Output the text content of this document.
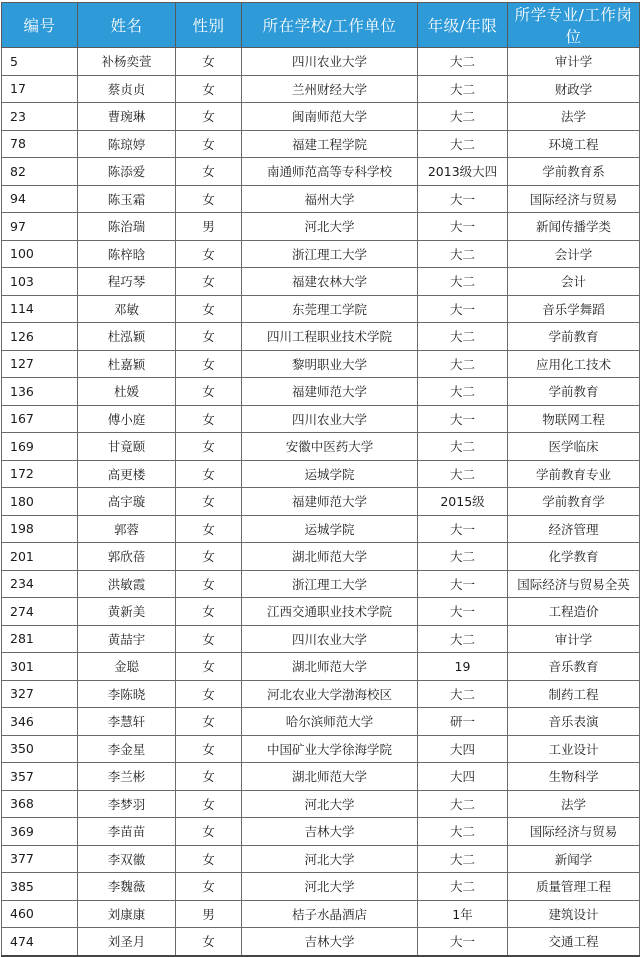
编号	姓名	性别	所在学校/工作单位	年级/年限	所学专业/工作岗位
5	补杨奕萱	女	四川农业大学	大二	审计学
17	蔡贞贞	女	兰州财经大学	大二	财政学
23	曹琬琳	女	闽南师范大学	大二	法学
78	陈琼婷	女	福建工程学院	大二	环境工程
82	陈添爱	女	南通师范高等专科学校	2013级大四	学前教育系
94	陈玉霜	女	福州大学	大一	国际经济与贸易
97	陈治瑞	男	河北大学	大一	新闻传播学类
100	陈梓晗	女	浙江理工大学	大二	会计学
103	程巧琴	女	福建农林大学	大二	会计
114	邓敏	女	东莞理工学院	大一	音乐学舞蹈
126	杜泓颖	女	四川工程职业技术学院	大二	学前教育
127	杜嘉颖	女	黎明职业大学	大二	应用化工技术
136	杜媛	女	福建师范大学	大二	学前教育
167	傅小庭	女	四川农业大学	大一	物联网工程
169	甘竟颐	女	安徽中医药大学	大二	医学临床
172	高更楼	女	运城学院	大二	学前教育专业
180	高宇璇	女	福建师范大学	2015级	学前教育学
198	郭蓉	女	运城学院	大一	经济管理
201	郭欣蓓	女	湖北师范大学	大二	化学教育
234	洪敏霞	女	浙江理工大学	大一	国际经济与贸易全英
274	黄新美	女	江西交通职业技术学院	大一	工程造价
281	黄喆宇	女	四川农业大学	大二	审计学
301	金聪	女	湖北师范大学	19	音乐教育
327	李陈晓	女	河北农业大学渤海校区	大二	制药工程
346	李慧轩	女	哈尔滨师范大学	研一	音乐表演
350	李金星	女	中国矿业大学徐海学院	大四	工业设计
357	李兰彬	女	湖北师范大学	大四	生物科学
368	李梦羽	女	河北大学	大二	法学
369	李苗苗	女	吉林大学	大二	国际经济与贸易
377	李双徽	女	河北大学	大二	新闻学
385	李魏薇	女	河北大学	大二	质量管理工程
460	刘康康	男	桔子水晶酒店	1年	建筑设计
474	刘圣月	女	吉林大学	大一	交通工程
